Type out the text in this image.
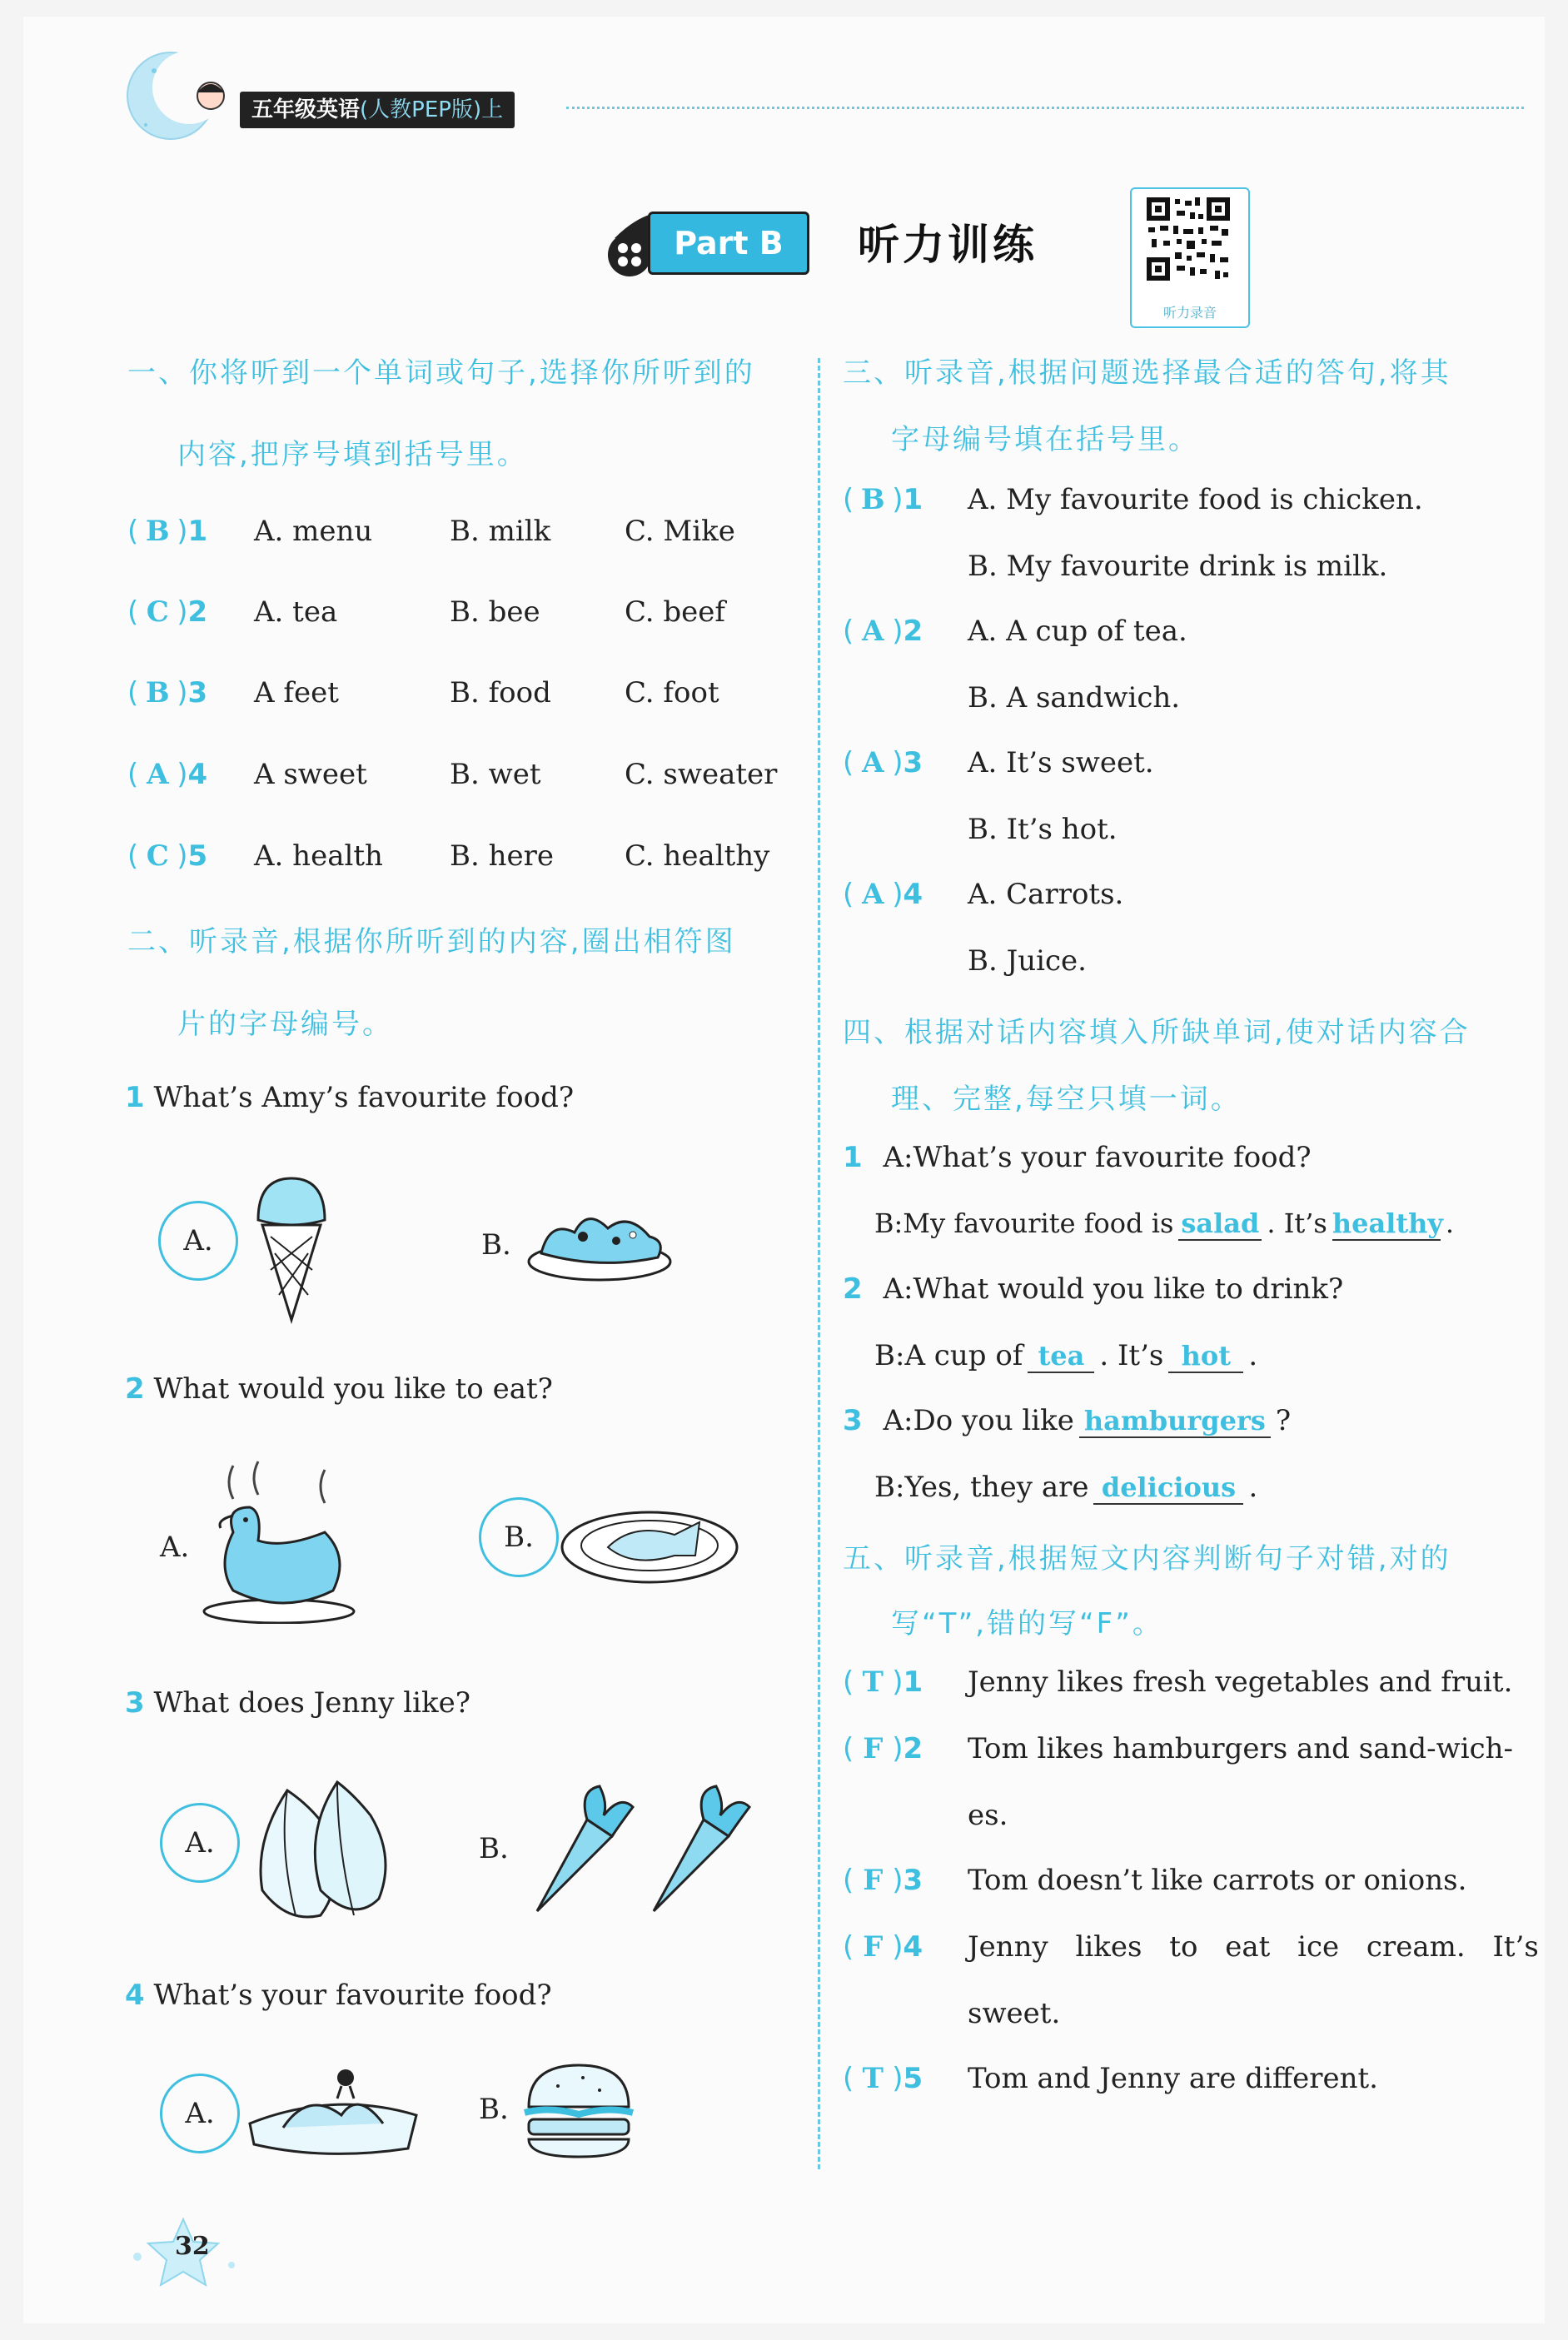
五年级英语(人教PEP版)上
Part B	听力训练
听力录音
一、你将听到一个单词或句子,选择你所听到的
内容,把序号填到括号里。
( B )1 A. menu	B. milk	C. Mike
( C )2 A. tea	B. bee	C. beef
( B )3 A feet	B. food	C. foot
( A )4 A sweet	B. wet	C. sweater
( C )5 A. health B. here	C. healthy
二、听录音,根据你所听到的内容,圈出相符图
片的字母编号。
1 What’s Amy’s favourite food?
A.	B.
2 What would you like to eat?
A.	B.
3 What does Jenny like?
A.	B.
4 What’s your favourite food?
A.	B.
三、听录音,根据问题选择最合适的答句,将其
字母编号填在括号里。
( B )1 A. My favourite food is chicken.
B. My favourite drink is milk.
( A )2 A. A cup of tea.
B. A sandwich.
( A )3 A. It’s sweet.
B. It’s hot.
( A )4 A. Carrots.
B. Juice.
四、根据对话内容填入所缺单词,使对话内容合
理、完整,每空只填一词。
1 A:What’s your favourite food?
B:My favourite food is salad . It’s healthy.
2 A:What would you like to drink?
B:A cup of tea . It’s hot .
3 A:Do you like hamburgers ?
B:Yes, they are delicious .
五、听录音,根据短文内容判断句子对错,对的
写“T”,错的写“F”。
( T )1 Jenny likes fresh vegetables and fruit.
( F )2 Tom likes hamburgers and sand-wich-
es.
( F )3 Tom doesn’t like carrots or onions.
( F )4 Jenny likes to eat ice cream. It’s
sweet.
( T )5 Tom and Jenny are different.
32
